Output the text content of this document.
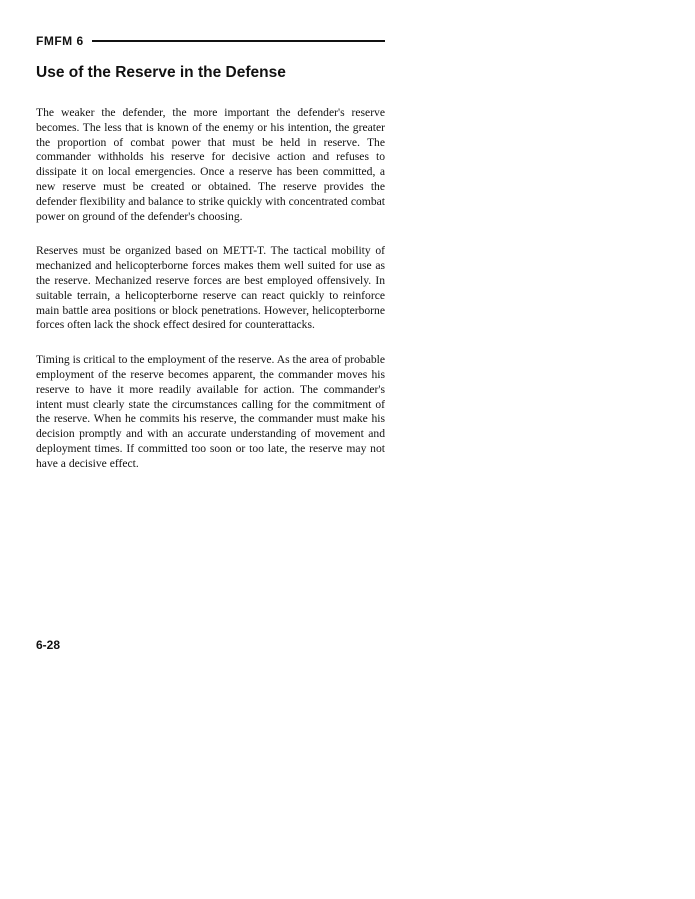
FMFM 6
Use of the Reserve in the Defense

The weaker the defender, the more important the defender's reserve becomes. The less that is known of the enemy or his intention, the greater the proportion of combat power that must be held in reserve. The commander withholds his reserve for decisive action and refuses to dissipate it on local emergencies. Once a reserve has been committed, a new reserve must be created or obtained. The reserve provides the defender flexibility and balance to strike quickly with concentrated combat power on ground of the defender's choosing.

Reserves must be organized based on METT-T. The tactical mobility of mechanized and helicopterborne forces makes them well suited for use as the reserve. Mechanized reserve forces are best employed offensively. In suitable terrain, a helicopterborne reserve can react quickly to reinforce main battle area positions or block penetrations. However, helicopterborne forces often lack the shock effect desired for counterattacks.

Timing is critical to the employment of the reserve. As the area of probable employment of the reserve becomes apparent, the commander moves his reserve to have it more readily available for action. The commander's intent must clearly state the circumstances calling for the commitment of the reserve. When he commits his reserve, the commander must make his decision promptly and with an accurate understanding of movement and deployment times. If committed too soon or too late, the reserve may not have a decisive effect.

6-28
